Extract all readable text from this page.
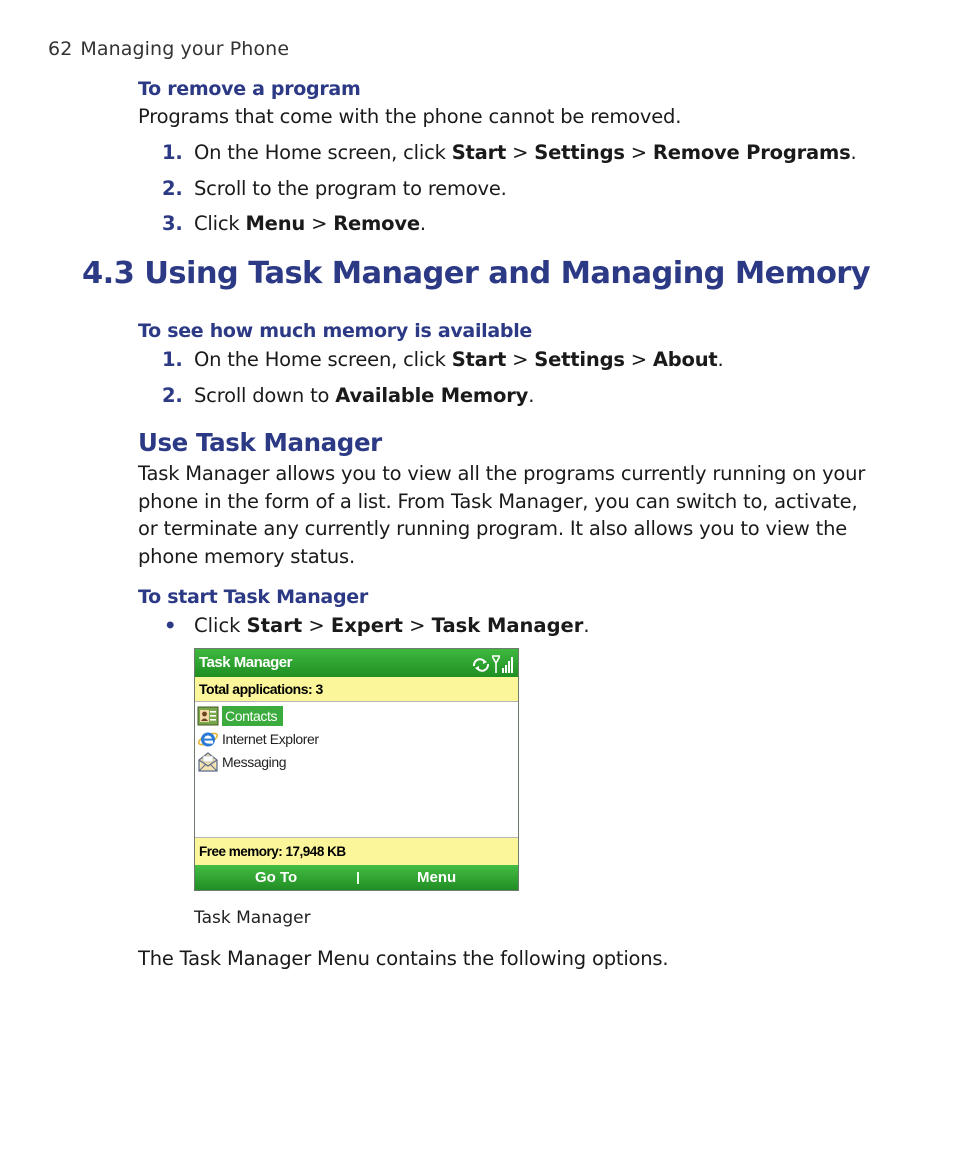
62 Managing your Phone
To remove a program
Programs that come with the phone cannot be removed.
1. On the Home screen, click Start > Settings > Remove Programs.
2. Scroll to the program to remove.
3. Click Menu > Remove.
4.3 Using Task Manager and Managing Memory
To see how much memory is available
1. On the Home screen, click Start > Settings > About.
2. Scroll down to Available Memory.
Use Task Manager
Task Manager allows you to view all the programs currently running on your
phone in the form of a list. From Task Manager, you can switch to, activate,
or terminate any currently running program. It also allows you to view the
phone memory status.
To start Task Manager
• Click Start > Expert > Task Manager.
Task Manager
Total applications: 3
Contacts
Internet Explorer
Messaging
Free memory: 17,948 KB
Go To	Menu
Task Manager
The Task Manager Menu contains the following options.
